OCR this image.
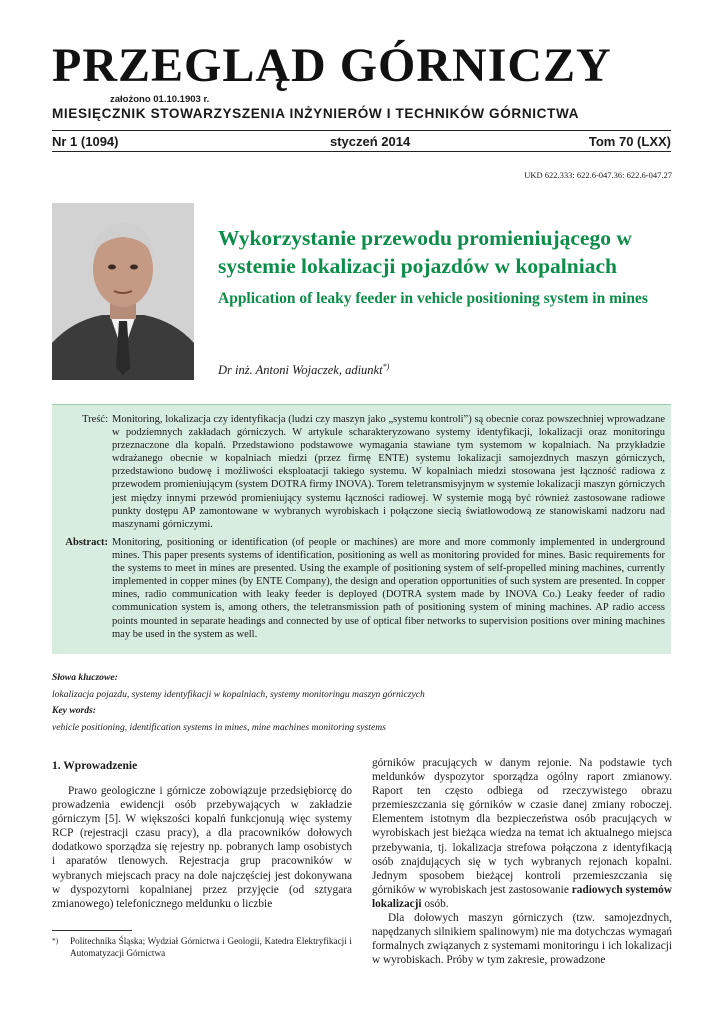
PRZEGLĄD GÓRNICZY
założono 01.10.1903 r.
MIESIĘCZNIK STOWARZYSZENIA INŻYNIERÓW I TECHNIKÓW GÓRNICTWA
Nr 1 (1094)	styczeń 2014	Tom 70 (LXX)
UKD 622.333: 622.6-047.36: 622.6-047.27
Wykorzystanie przewodu promieniującego w systemie lokalizacji pojazdów w kopalniach
Application of leaky feeder in vehicle positioning system in mines
Dr inż. Antoni Wojaczek, adiunkt*)
Treść: Monitoring, lokalizacja czy identyfikacja (ludzi czy maszyn jako „systemu kontroli”) są obecnie coraz powszechniej wprowadzane w podziemnych zakładach górniczych. W artykule scharakteryzowano systemy identyfikacji, lokalizacji oraz monitoringu przeznaczone dla kopalń. Przedstawiono podstawowe wymagania stawiane tym systemom w kopalniach. Na przykładzie wdrażanego obecnie w kopalniach miedzi (przez firmę ENTE) systemu lokalizacji samojezdnych maszyn górniczych, przedstawiono budowę i możliwości eksploatacji takiego systemu. W kopalniach miedzi stosowana jest łączność radiowa z przewodem promieniującym (system DOTRA firmy INOVA). Torem teletransmisyjnym w systemie lokalizacji maszyn górniczych jest między innymi przewód promieniujący systemu łączności radiowej. W systemie mogą być również zastosowane radiowe punkty dostępu AP zamontowane w wybranych wyrobiskach i połączone siecią światłowodową ze stanowiskami nadzoru nad maszynami górniczymi.
Abstract: Monitoring, positioning or identification (of people or machines) are more and more commonly implemented in underground mines. This paper presents systems of identification, positioning as well as monitoring provided for mines. Basic requirements for the systems to meet in mines are presented. Using the example of positioning system of self-propelled mining machines, currently implemented in copper mines (by ENTE Company), the design and operation opportunities of such system are presented. In copper mines, radio communication with leaky feeder is deployed (DOTRA system made by INOVA Co.) Leaky feeder of radio communication system is, among others, the teletransmission path of positioning system of mining machines. AP radio access points mounted in separate headings and connected by use of optical fiber networks to supervision positions over mining machines may be used in the system as well.
Słowa kluczowe:
lokalizacja pojazdu, systemy identyfikacji w kopalniach, systemy monitoringu maszyn górniczych
Key words:
vehicle positioning, identification systems in mines, mine machines monitoring systems
1. Wprowadzenie

Prawo geologiczne i górnicze zobowiązuje przedsiębiorcę do prowadzenia ewidencji osób przebywających w zakładzie górniczym [5]. W większości kopalń funkcjonują więc systemy RCP (rejestracji czasu pracy), a dla pracowników dołowych dodatkowo sporządza się rejestry np. pobranych lamp osobistych i aparatów tlenowych. Rejestracja grup pracowników w wybranych miejscach pracy na dole najczęściej jest dokonywana w dyspozytorni kopalnianej przez przyjęcie (od sztygara zmianowego) telefonicznego meldunku o liczbie

górników pracujących w danym rejonie. Na podstawie tych meldunków dyspozytor sporządza ogólny raport zmianowy. Raport ten często odbiega od rzeczywistego obrazu przemieszczania się górników w czasie danej zmiany roboczej. Elementem istotnym dla bezpieczeństwa osób pracujących w wyrobiskach jest bieżąca wiedza na temat ich aktualnego miejsca przebywania, tj. lokalizacja strefowa połączona z identyfikacją osób znajdujących się w tych wybranych rejonach kopalni. Jednym sposobem bieżącej kontroli przemieszczania się górników w wyrobiskach jest zastosowanie radiowych systemów lokalizacji osób.

Dla dołowych maszyn górniczych (tzw. samojezdnych, napędzanych silnikiem spalinowym) nie ma dotychczas wymagań formalnych związanych z systemami monitoringu i ich lokalizacji w wyrobiskach. Próby w tym zakresie, prowadzone

*)	Politechnika Śląska; Wydział Górnictwa i Geologii, Katedra Elektryfikacji i Automatyzacji Górnictwa
